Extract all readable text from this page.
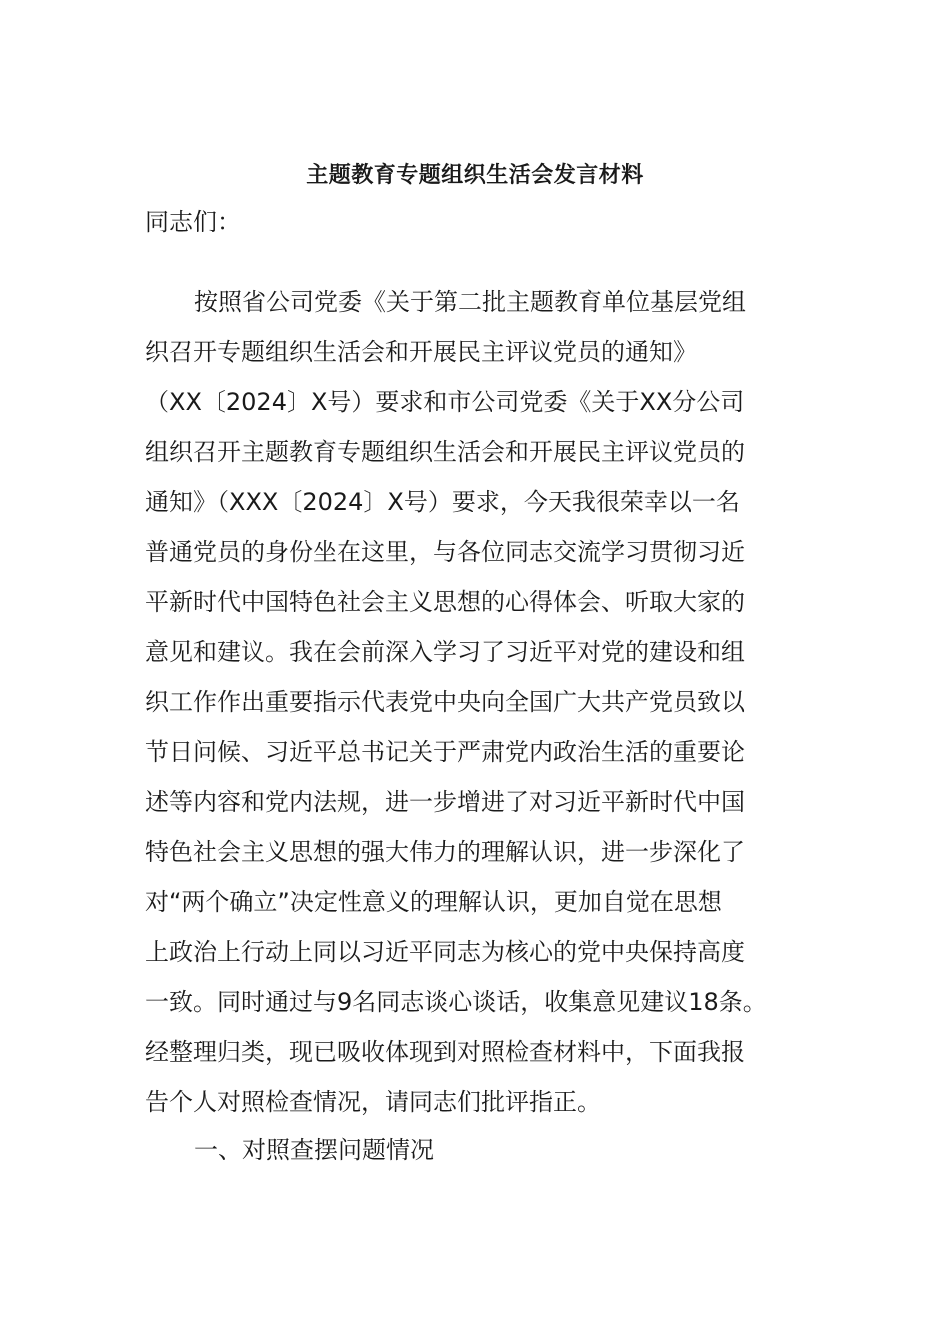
主题教育专题组织生活会发言材料

同志们：

按照省公司党委《关于第二批主题教育单位基层党组

织召开专题组织生活会和开展民主评议党员的通知》

（XX〔2024〕X号）要求和市公司党委《关于XX分公司

组织召开主题教育专题组织生活会和开展民主评议党员的

通知》（XXX〔2024〕X号）要求，今天我很荣幸以一名

普通党员的身份坐在这里，与各位同志交流学习贯彻习近

平新时代中国特色社会主义思想的心得体会、听取大家的

意见和建议。我在会前深入学习了习近平对党的建设和组

织工作作出重要指示代表党中央向全国广大共产党员致以

节日问候、习近平总书记关于严肃党内政治生活的重要论

述等内容和党内法规，进一步增进了对习近平新时代中国

特色社会主义思想的强大伟力的理解认识，进一步深化了

对“两个确立”决定性意义的理解认识，更加自觉在思想

上政治上行动上同以习近平同志为核心的党中央保持高度

一致。同时通过与9名同志谈心谈话，收集意见建议18条。

经整理归类，现已吸收体现到对照检查材料中，下面我报

告个人对照检查情况，请同志们批评指正。

一、对照查摆问题情况
